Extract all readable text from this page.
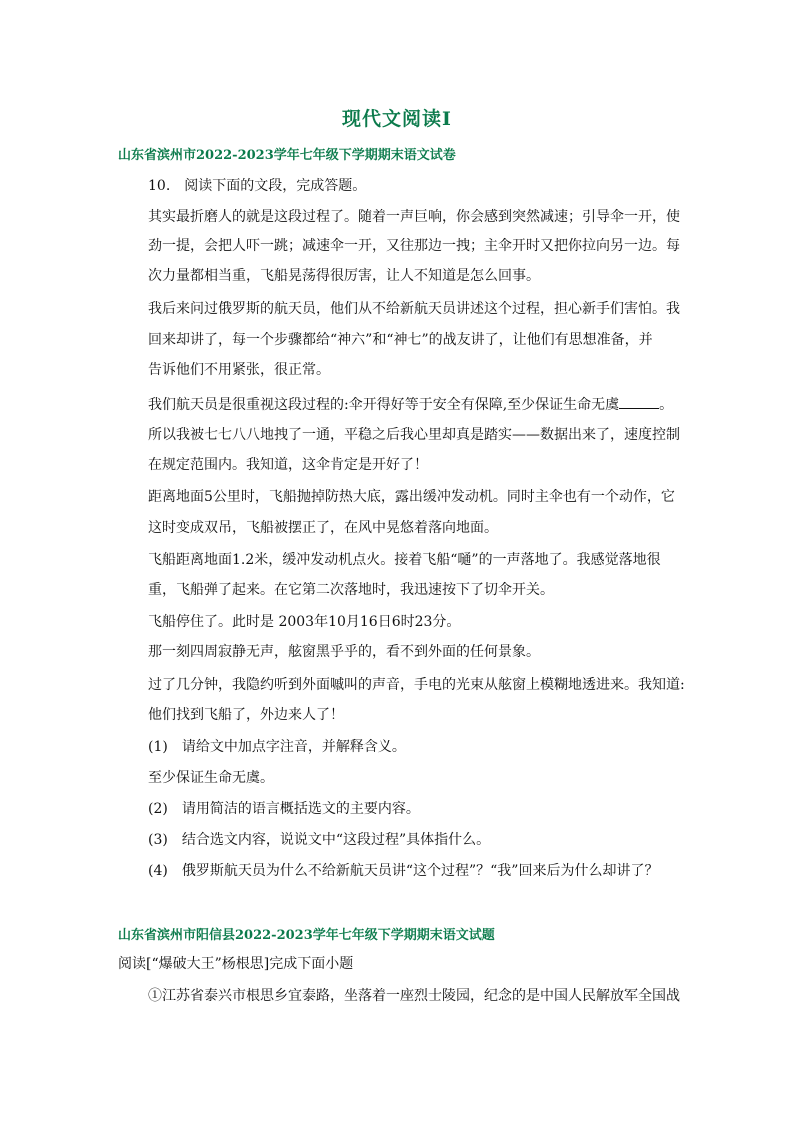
现代文阅读Ⅰ
山东省滨州市2022-2023学年七年级下学期期末语文试卷
10.　阅读下面的文段，完成答题。
其实最折磨人的就是这段过程了。随着一声巨响，你会感到突然减速；引导伞一开，使
劲一提，会把人吓一跳；减速伞一开，又往那边一拽；主伞开时又把你拉向另一边。每
次力量都相当重，飞船晃荡得很厉害，让人不知道是怎么回事。
我后来问过俄罗斯的航天员，他们从不给新航天员讲述这个过程，担心新手们害怕。我
回来却讲了，每一个步骤都给“神六”和“神七”的战友讲了，让他们有思想准备，并
告诉他们不用紧张，很正常。
我们航天员是很重视这段过程的:伞开得好等于安全有保障,至少保证生命无虞	。
所以我被七七八八地拽了一通，平稳之后我心里却真是踏实——数据出来了，速度控制
在规定范围内。我知道，这伞肯定是开好了！
距离地面5公里时，飞船抛掉防热大底，露出缓冲发动机。同时主伞也有一个动作，它
这时变成双吊，飞船被摆正了，在风中晃悠着落向地面。
飞船距离地面1.2米，缓冲发动机点火。接着飞船“嗵”的一声落地了。我感觉落地很
重，飞船弹了起来。在它第二次落地时，我迅速按下了切伞开关。
飞船停住了。此时是 2003年10月16日6时23分。
那一刻四周寂静无声，舷窗黑乎乎的，看不到外面的任何景象。
过了几分钟，我隐约听到外面嘁叫的声音，手电的光束从舷窗上模糊地透进来。我知道:
他们找到飞船了，外边来人了！
(1)　请给文中加点字注音，并解释含义。
至少保证生命无虞。
(2)　请用简洁的语言概括选文的主要内容。
(3)　结合选文内容，说说文中“这段过程”具体指什么。
(4)　俄罗斯航天员为什么不给新航天员讲“这个过程”？“我”回来后为什么却讲了？
山东省滨州市阳信县2022-2023学年七年级下学期期末语文试题
阅读[“爆破大王”杨根思]完成下面小题
①江苏省泰兴市根思乡宜泰路，坐落着一座烈士陵园，纪念的是中国人民解放军全国战
